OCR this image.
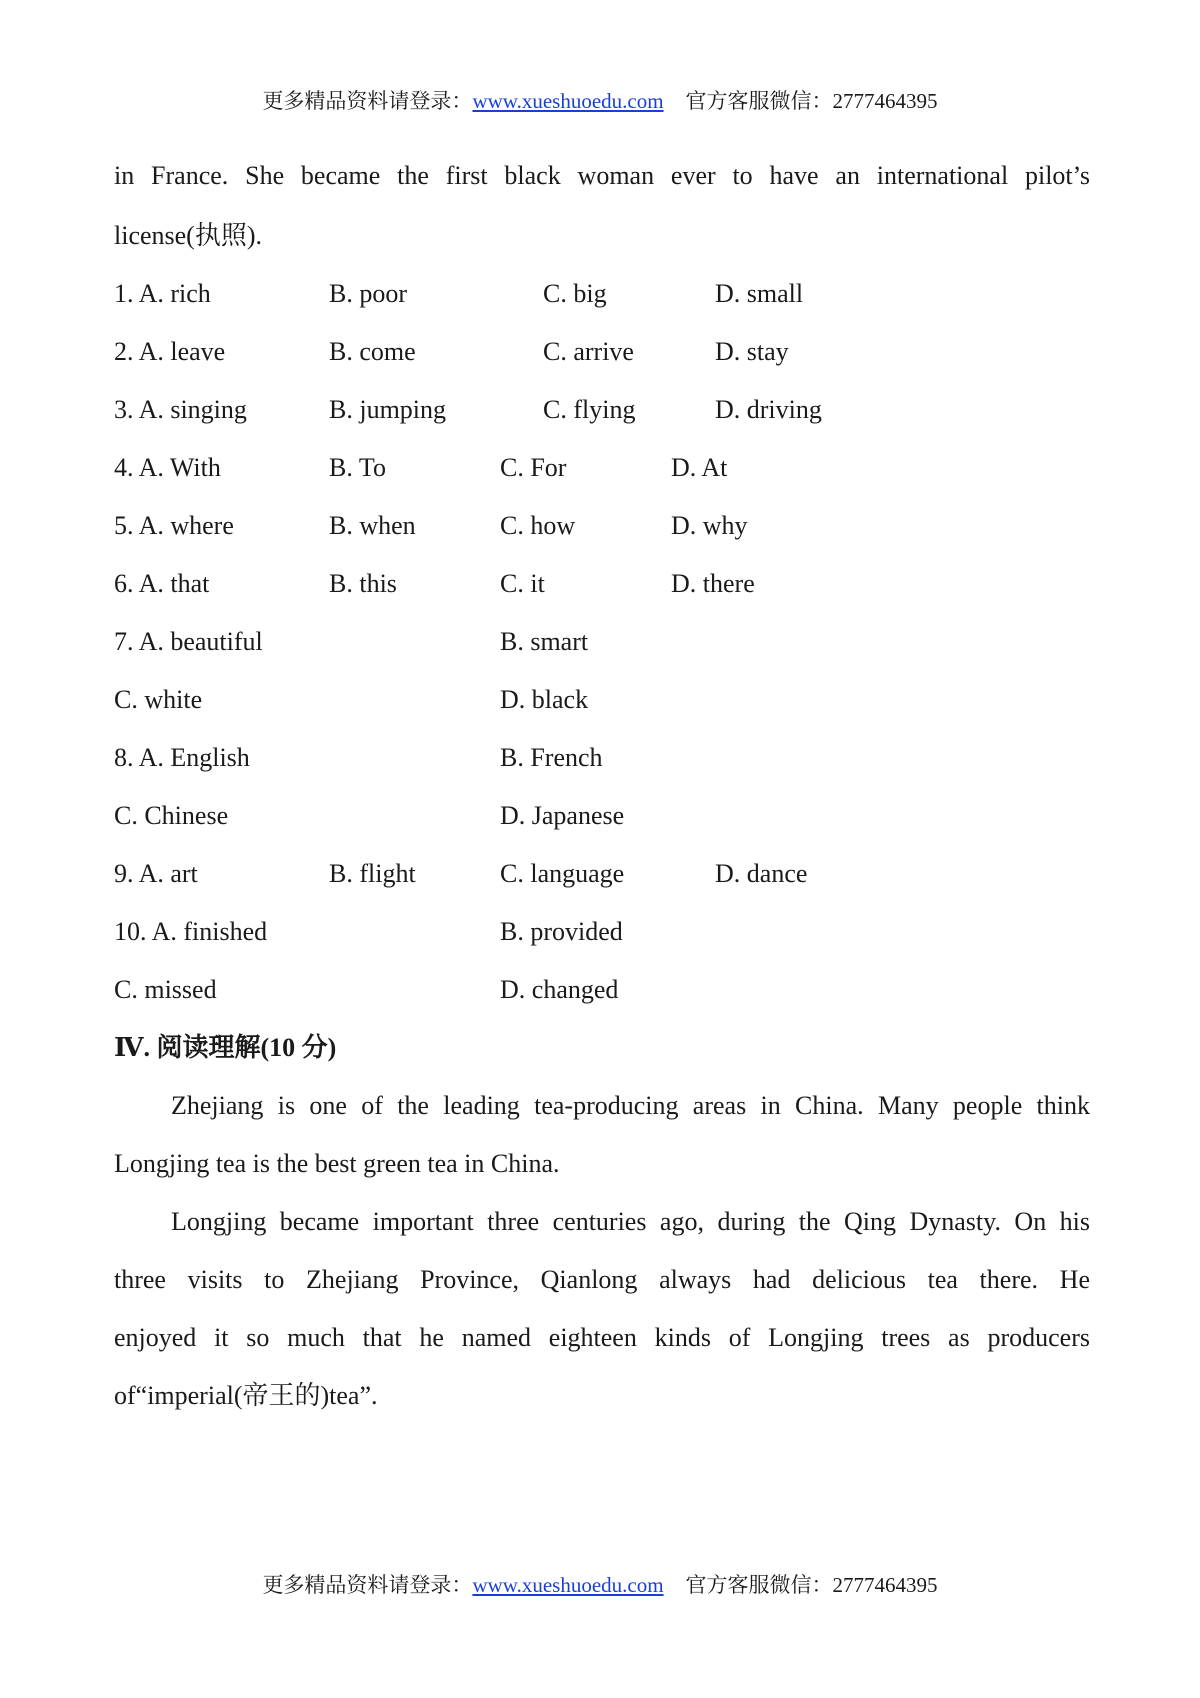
更多精品资料请登录：www.xueshuoedu.com 官方客服微信：2777464395
in France. She became the first black woman ever to have an international pilot’s
license(执照).
1. A. rich	B. poor	C. big	D. small
2. A. leave	B. come	C. arrive	D. stay
3. A. singing	B. jumping	C. flying	D. driving
4. A. With	B. To	C. For	D. At
5. A. where	B. when	C. how	D. why
6. A. that	B. this	C. it	D. there
7. A. beautiful	B. smart
C. white	D. black
8. A. English	B. French
C. Chinese	D. Japanese
9. A. art	B. flight	C. language	D. dance
10. A. finished	B. provided
C. missed	D. changed
Ⅳ. 阅读理解(10 分)
Zhejiang is one of the leading tea-producing areas in China. Many people think
Longjing tea is the best green tea in China.
Longjing became important three centuries ago, during the Qing Dynasty. On his
three visits to Zhejiang Province, Qianlong always had delicious tea there. He
enjoyed it so much that he named eighteen kinds of Longjing trees as producers
of“imperial(帝王的)tea”.
更多精品资料请登录：www.xueshuoedu.com 官方客服微信：2777464395
